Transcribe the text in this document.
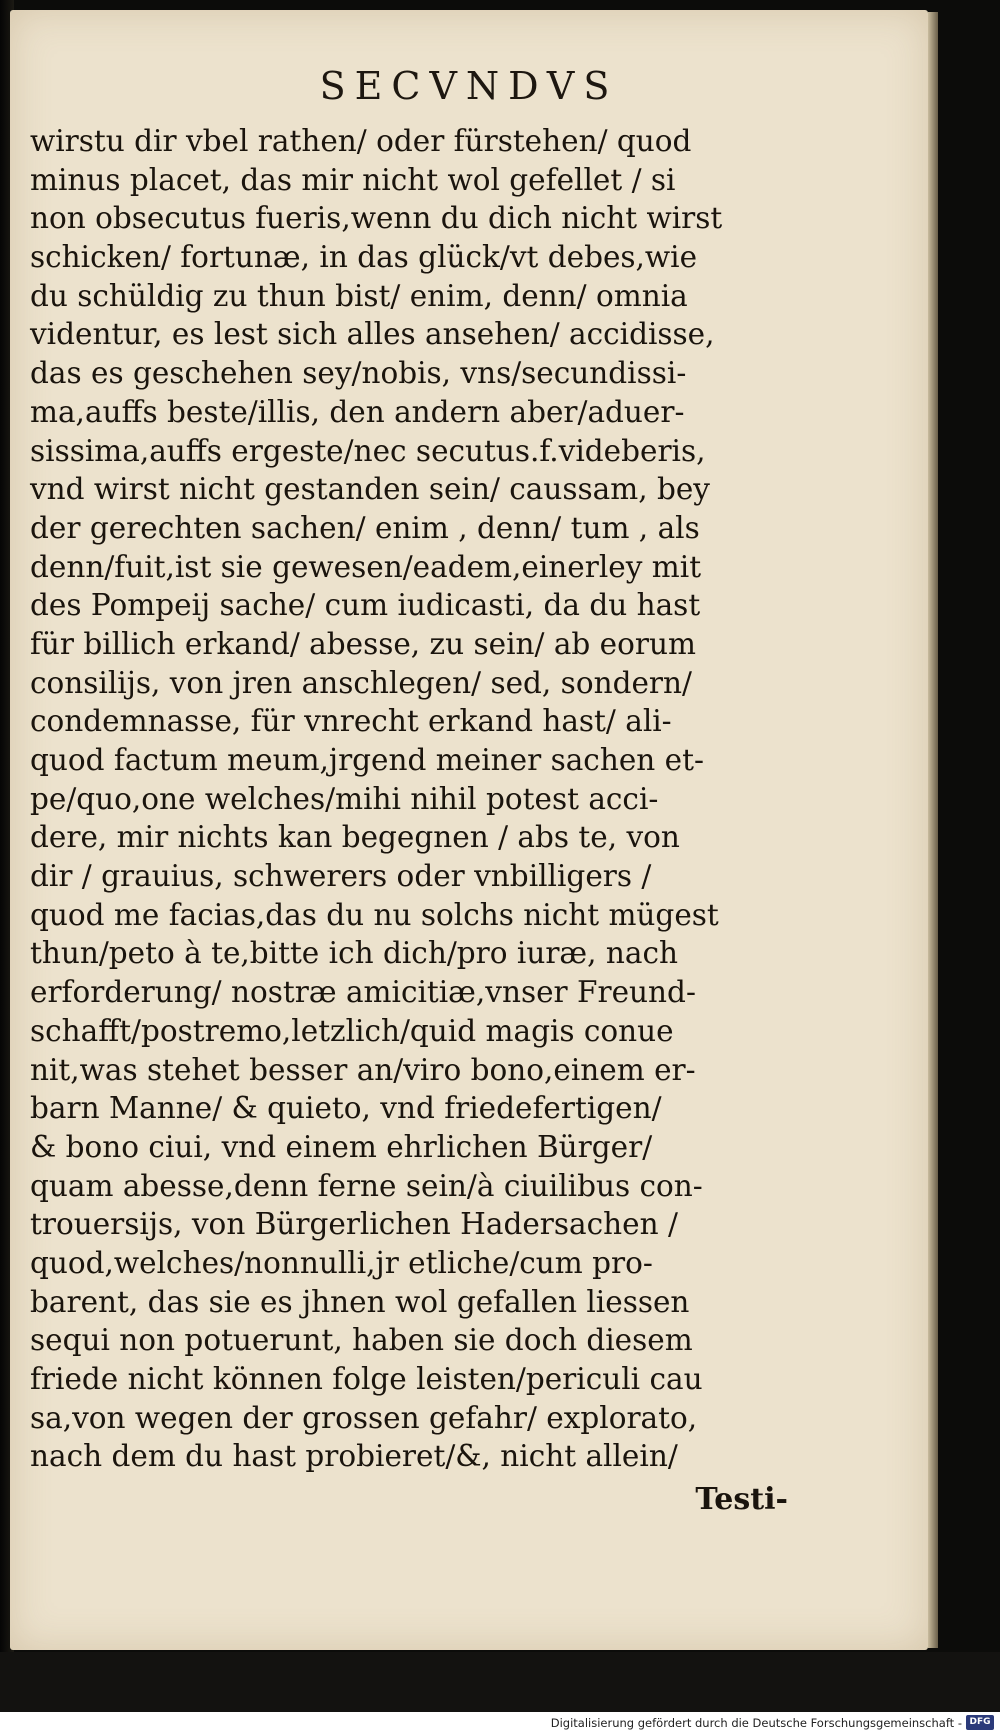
SECVNDVS
wirstu dir vbel rathen/ oder fürstehen/ quod
minus placet, das mir nicht wol gefellet / si
non obsecutus fueris,wenn du dich nicht wirst
schicken/ fortunæ, in das glück/vt debes,wie
du schüldig zu thun bist/ enim, denn/ omnia
videntur, es lest sich alles ansehen/ accidisse,
das es geschehen sey/nobis, vns/secundissi-
ma,auffs beste/illis, den andern aber/aduer-
sissima,auffs ergeste/nec secutus.f.videberis,
vnd wirst nicht gestanden sein/ caussam, bey
der gerechten sachen/ enim , denn/ tum , als
denn/fuit,ist sie gewesen/eadem,einerley mit
des Pompeij sache/ cum iudicasti, da du hast
für billich erkand/ abesse, zu sein/ ab eorum
consilijs, von jren anschlegen/ sed, sondern/
condemnasse, für vnrecht erkand hast/ ali-
quod factum meum,jrgend meiner sachen et-
pe/quo,one welches/mihi nihil potest acci-
dere, mir nichts kan begegnen / abs te, von
dir / grauius, schwerers oder vnbilligers /
quod me facias,das du nu solchs nicht mügest
thun/peto à te,bitte ich dich/pro iuræ, nach
erforderung/ nostræ amicitiæ,vnser Freund-
schafft/postremo,letzlich/quid magis conue
nit,was stehet besser an/viro bono,einem er-
barn Manne/ & quieto, vnd friedefertigen/
& bono ciui, vnd einem ehrlichen Bürger/
quam abesse,denn ferne sein/à ciuilibus con-
trouersijs, von Bürgerlichen Hadersachen /
quod,welches/nonnulli,jr etliche/cum pro-
barent, das sie es jhnen wol gefallen liessen
sequi non potuerunt, haben sie doch diesem
friede nicht können folge leisten/periculi cau
sa,von wegen der grossen gefahr/ explorato,
nach dem du hast probieret/&, nicht allein/
Testi-
Digitalisierung gefördert durch die Deutsche Forschungsgemeinschaft - DFG
